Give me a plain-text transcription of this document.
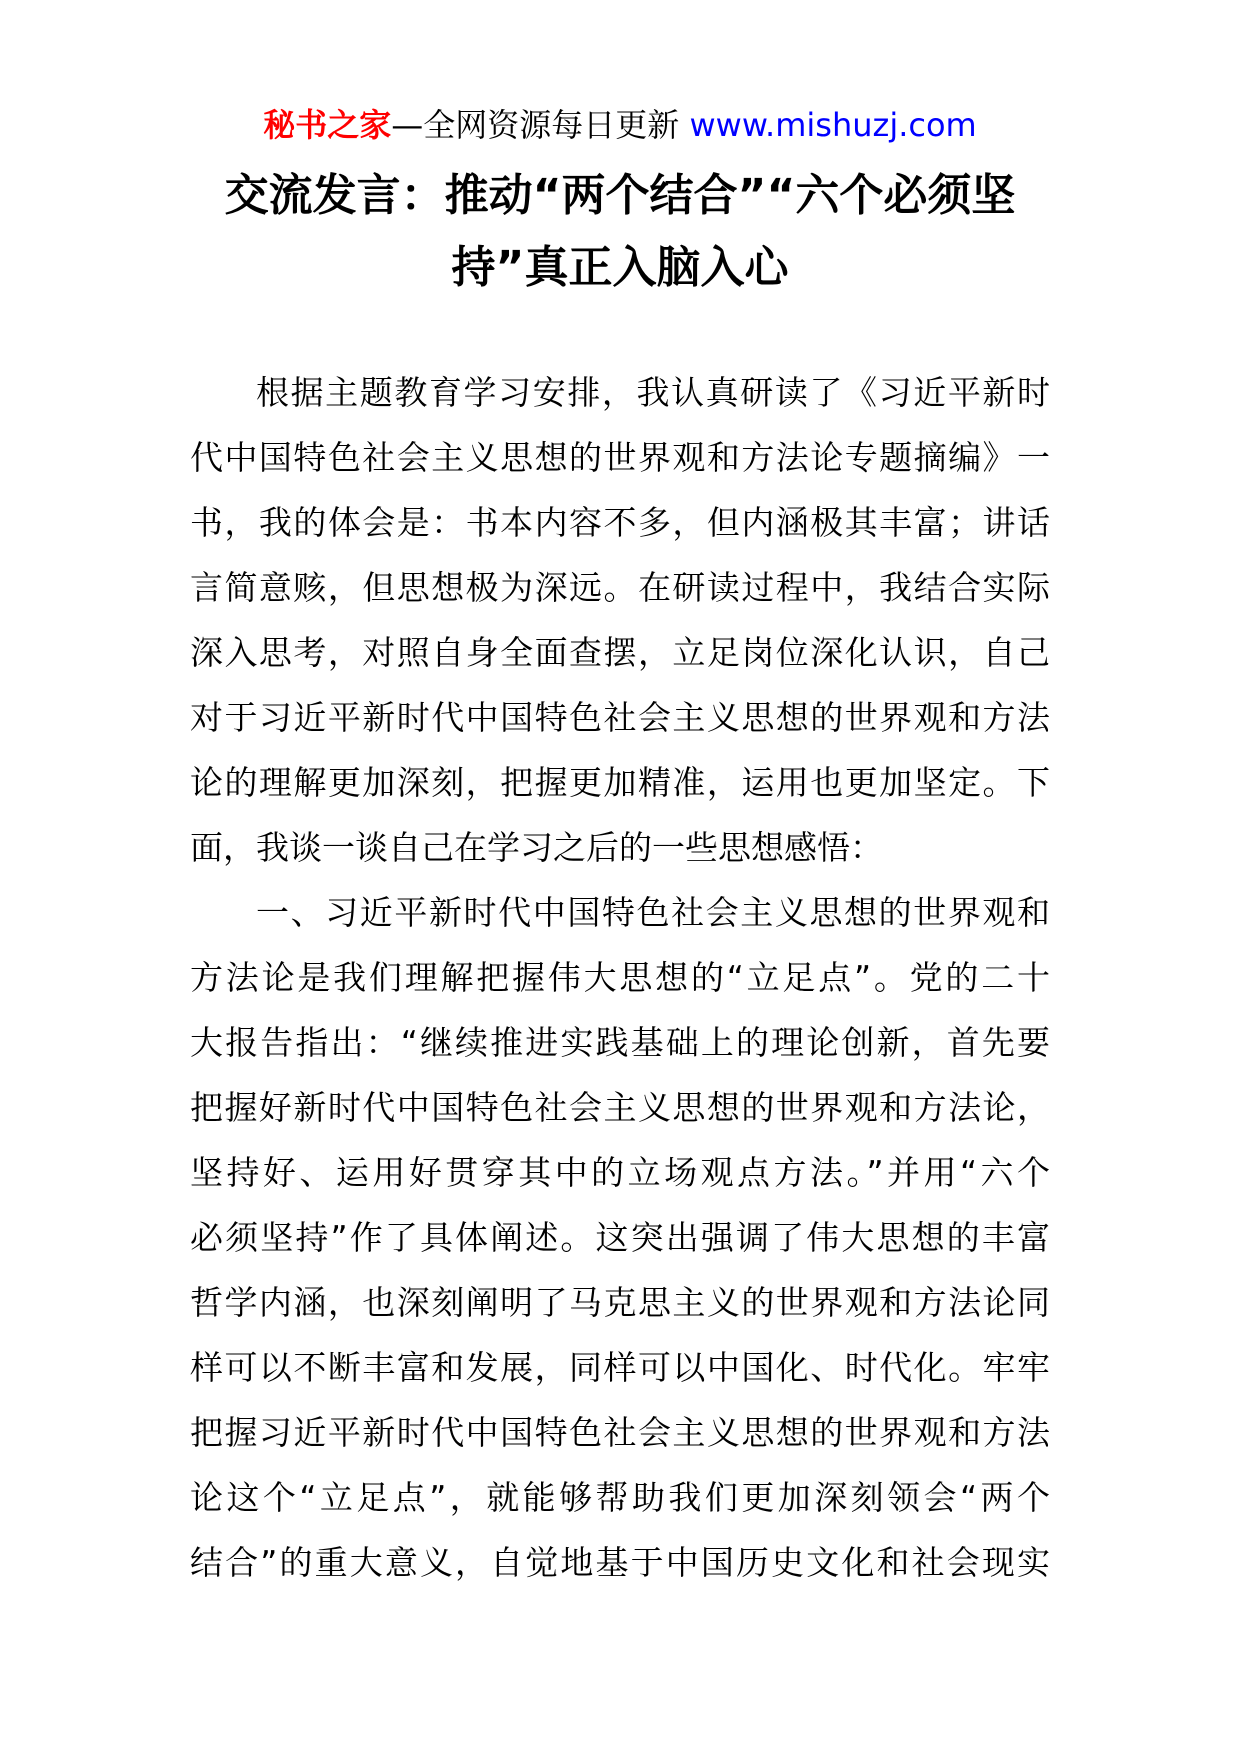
秘书之家—全网资源每日更新 www.mishuzj.com
交流发言：推动“两个结合”“六个必须坚
持”真正入脑入心
根据主题教育学习安排，我认真研读了《习近平新时
代中国特色社会主义思想的世界观和方法论专题摘编》一
书，我的体会是：书本内容不多，但内涵极其丰富；讲话
言简意赅，但思想极为深远。在研读过程中，我结合实际
深入思考，对照自身全面查摆，立足岗位深化认识，自己
对于习近平新时代中国特色社会主义思想的世界观和方法
论的理解更加深刻，把握更加精准，运用也更加坚定。下
面，我谈一谈自己在学习之后的一些思想感悟：
一、习近平新时代中国特色社会主义思想的世界观和
方法论是我们理解把握伟大思想的“立足点”。党的二十
大报告指出：“继续推进实践基础上的理论创新，首先要
把握好新时代中国特色社会主义思想的世界观和方法论，
坚持好、运用好贯穿其中的立场观点方法。”并用“六个
必须坚持”作了具体阐述。这突出强调了伟大思想的丰富
哲学内涵，也深刻阐明了马克思主义的世界观和方法论同
样可以不断丰富和发展，同样可以中国化、时代化。牢牢
把握习近平新时代中国特色社会主义思想的世界观和方法
论这个“立足点”，就能够帮助我们更加深刻领会“两个
结合”的重大意义，自觉地基于中国历史文化和社会现实
